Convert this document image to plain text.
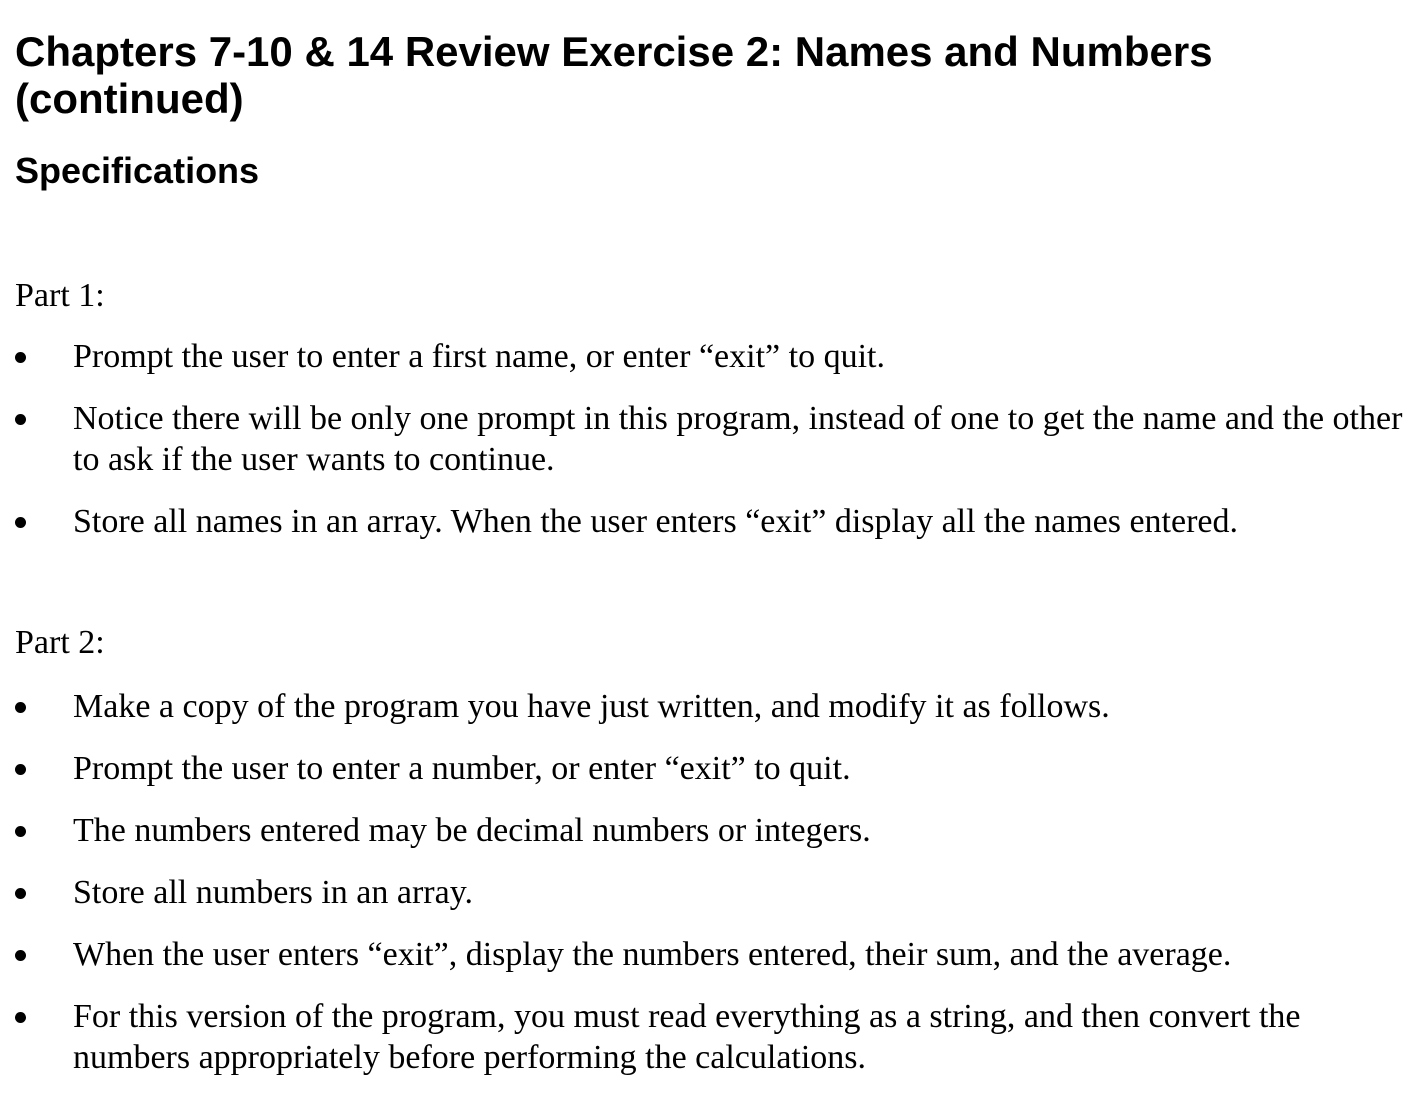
Chapters 7-10 & 14 Review Exercise 2: Names and Numbers (continued)
Specifications

Part 1:

Prompt the user to enter a first name, or enter “exit” to quit.
Notice there will be only one prompt in this program, instead of one to get the name and the other to ask if the user wants to continue.
Store all names in an array. When the user enters “exit” display all the names entered.

Part 2:

Make a copy of the program you have just written, and modify it as follows.
Prompt the user to enter a number, or enter “exit” to quit.
The numbers entered may be decimal numbers or integers.
Store all numbers in an array.
When the user enters “exit”, display the numbers entered, their sum, and the average.
For this version of the program, you must read everything as a string, and then convert the numbers appropriately before performing the calculations.
